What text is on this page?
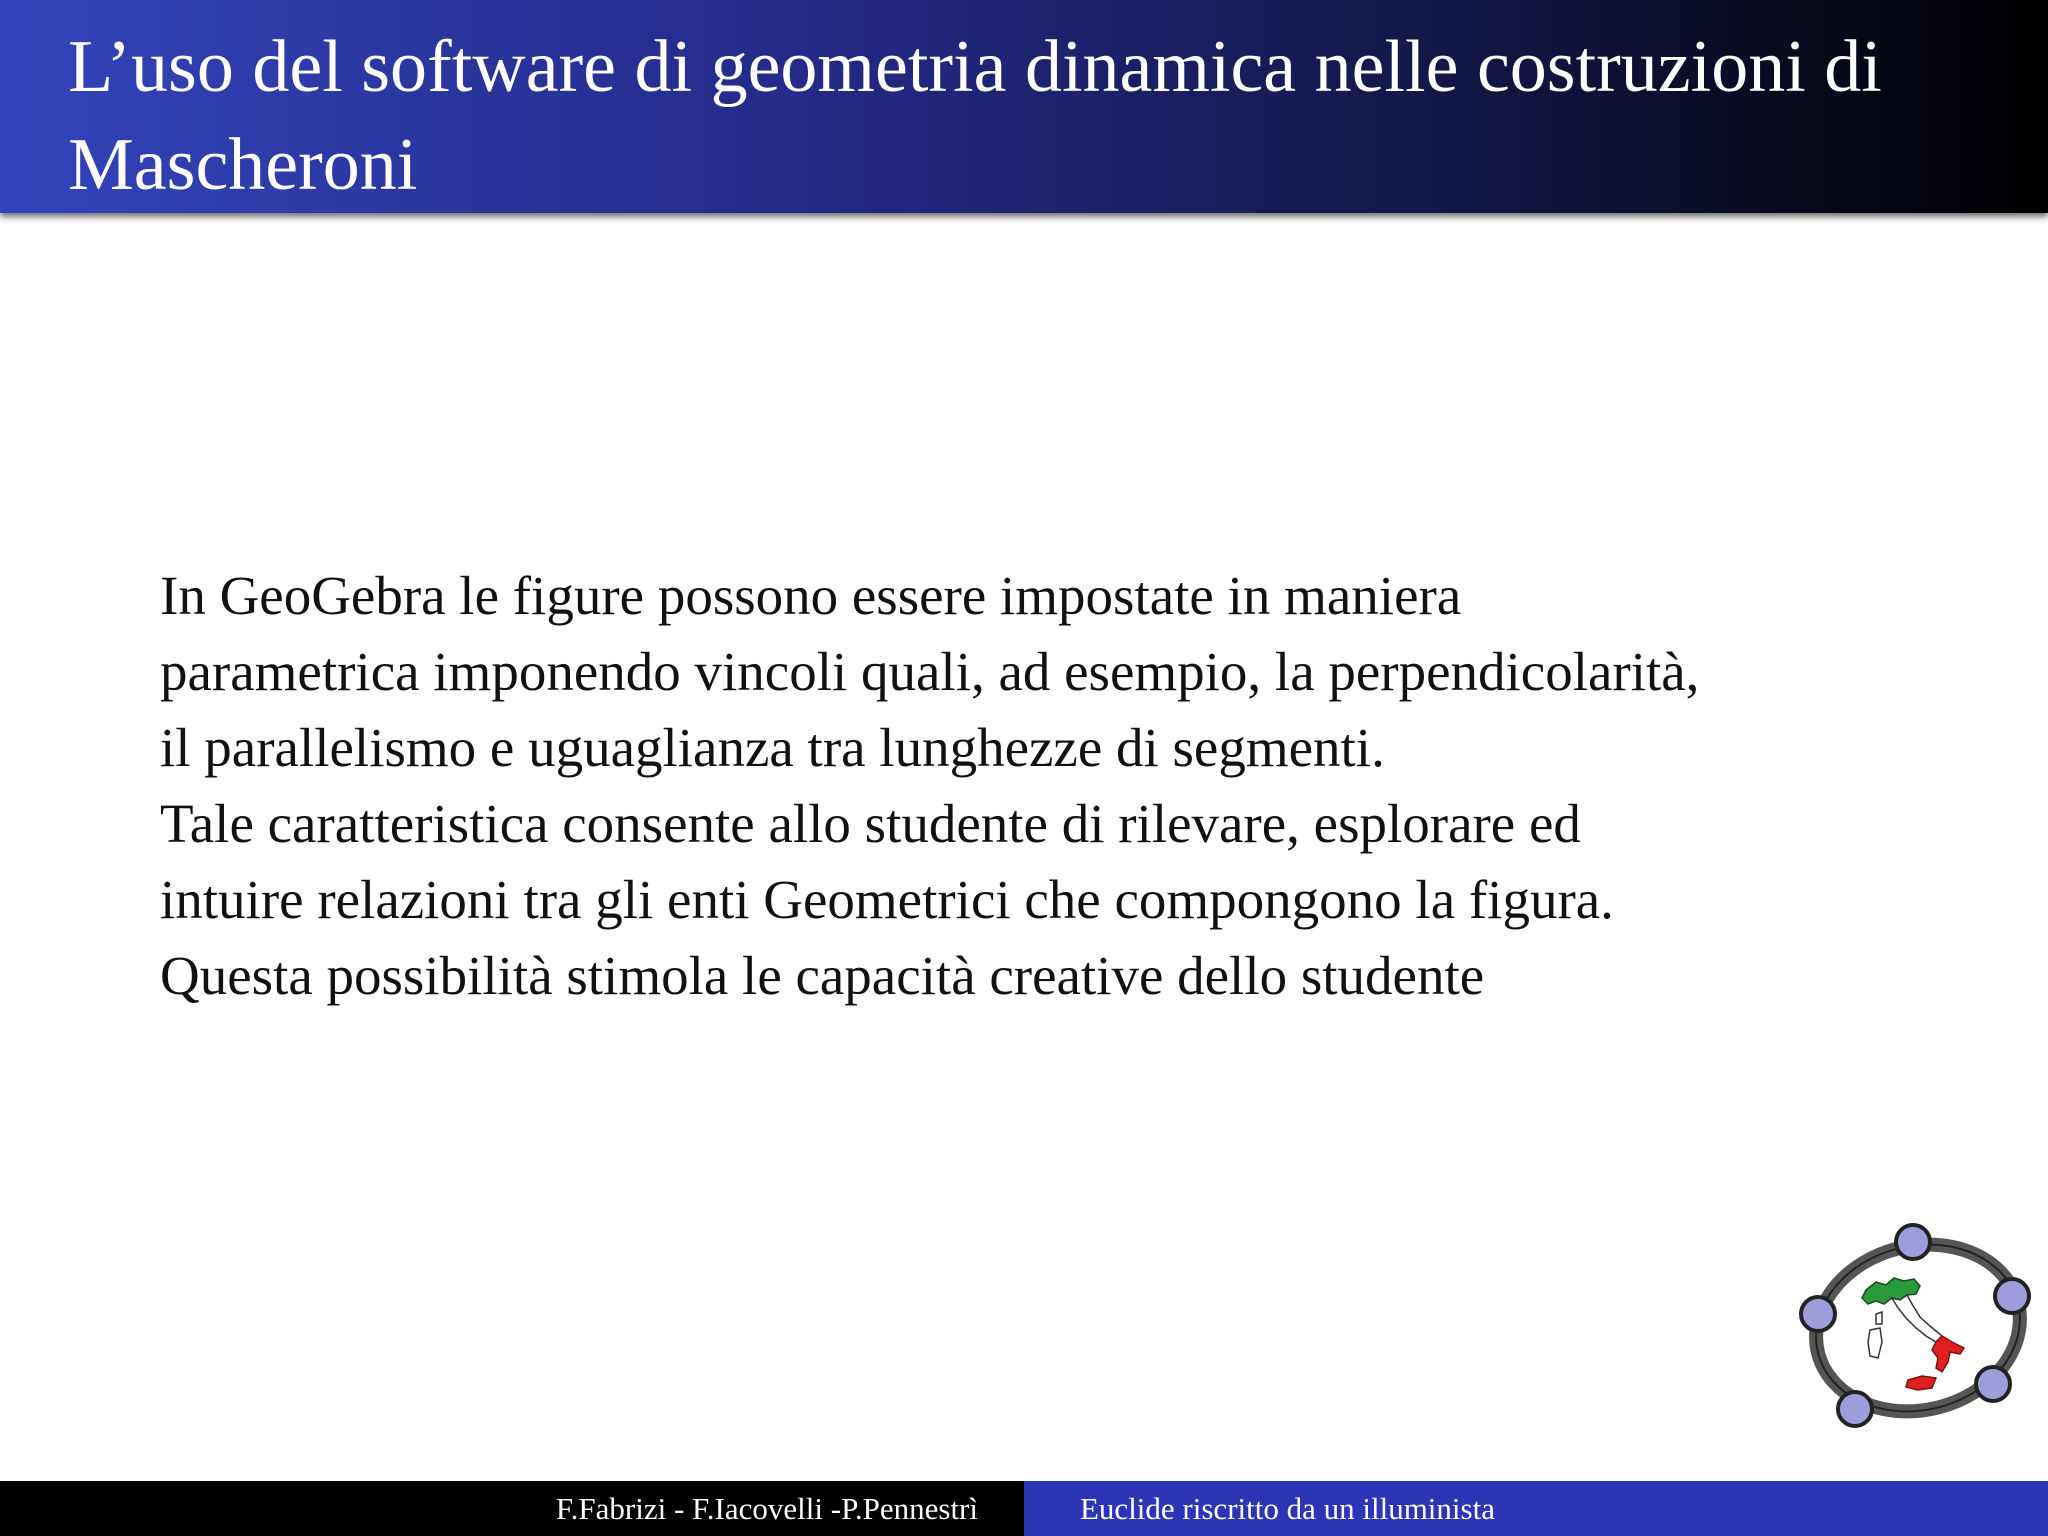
L’uso del software di geometria dinamica nelle costruzioni di Mascheroni
In GeoGebra le figure possono essere impostate in maniera
parametrica imponendo vincoli quali, ad esempio, la perpendicolarità,
il parallelismo e uguaglianza tra lunghezze di segmenti.
Tale caratteristica consente allo studente di rilevare, esplorare ed
intuire relazioni tra gli enti Geometrici che compongono la figura.
Questa possibilità stimola le capacità creative dello studente
F.Fabrizi - F.Iacovelli -P.Pennestrì	Euclide riscritto da un illuminista
